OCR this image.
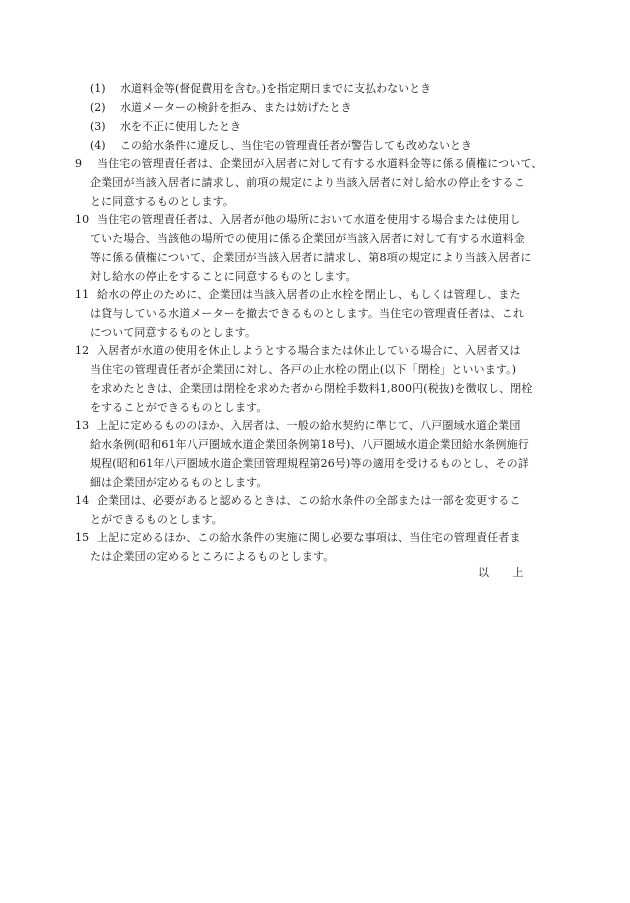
(1) 水道料金等(督促費用を含む。)を指定期日までに支払わないとき
(2) 水道メーターの検針を拒み、または妨げたとき
(3) 水を不正に使用したとき
(4) この給水条件に違反し、当住宅の管理責任者が警告しても改めないとき
9 当住宅の管理責任者は、企業団が入居者に対して有する水道料金等に係る債権について、
企業団が当該入居者に請求し、前項の規定により当該入居者に対し給水の停止をするこ
とに同意するものとします。
10 当住宅の管理責任者は、入居者が他の場所において水道を使用する場合または使用し
ていた場合、当該他の場所での使用に係る企業団が当該入居者に対して有する水道料金
等に係る債権について、企業団が当該入居者に請求し、第8項の規定により当該入居者に
対し給水の停止をすることに同意するものとします。
11 給水の停止のために、企業団は当該入居者の止水栓を閉止し、もしくは管理し、また
は貸与している水道メーターを撤去できるものとします。当住宅の管理責任者は、これ
について同意するものとします。
12 入居者が水道の使用を休止しようとする場合または休止している場合に、入居者又は
当住宅の管理責任者が企業団に対し、各戸の止水栓の閉止(以下「閉栓」といいます。)
を求めたときは、企業団は閉栓を求めた者から閉栓手数料1,800円(税抜)を徴収し、閉栓
をすることができるものとします。
13 上記に定めるもののほか、入居者は、一般の給水契約に準じて、八戸圏域水道企業団
給水条例(昭和61年八戸圏域水道企業団条例第18号)、八戸圏域水道企業団給水条例施行
規程(昭和61年八戸圏域水道企業団管理規程第26号)等の適用を受けるものとし、その詳
細は企業団が定めるものとします。
14 企業団は、必要があると認めるときは、この給水条件の全部または一部を変更するこ
とができるものとします。
15 上記に定めるほか、この給水条件の実施に関し必要な事項は、当住宅の管理責任者ま
たは企業団の定めるところによるものとします。
以 上
